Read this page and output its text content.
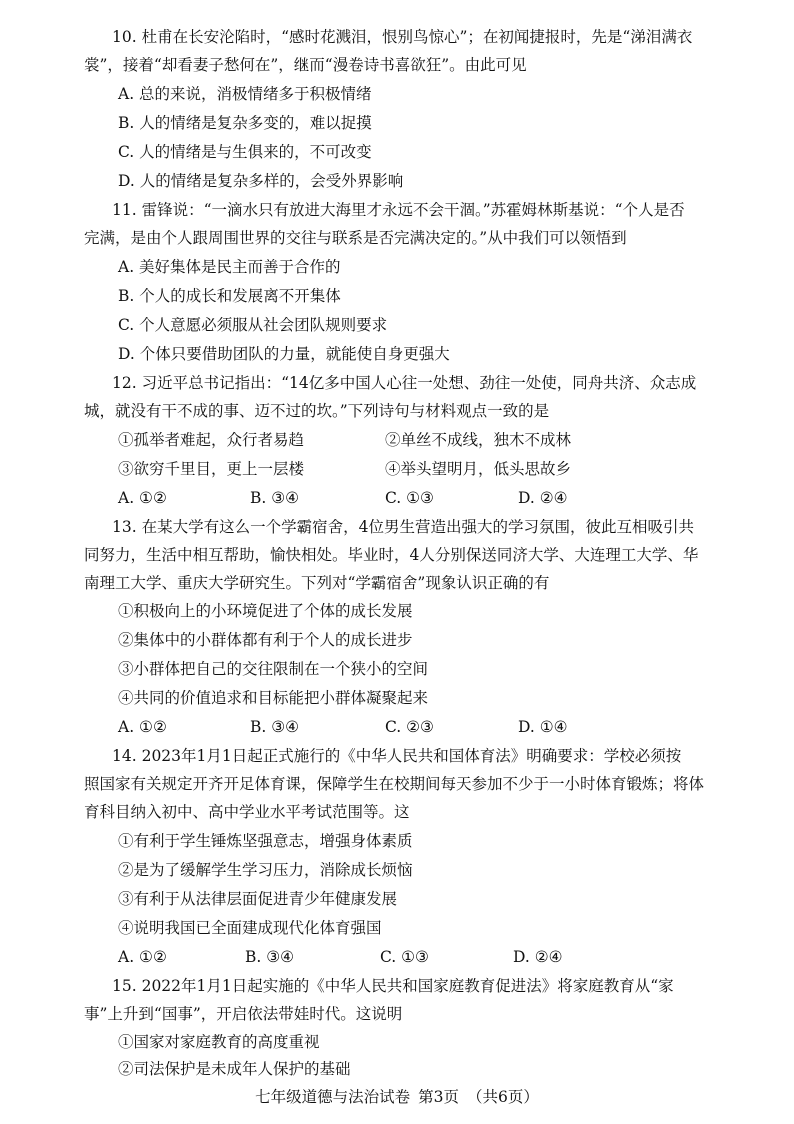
10. 杜甫在长安沦陷时，“感时花溅泪，恨别鸟惊心”；在初闻捷报时，先是“涕泪满衣
裳”，接着“却看妻子愁何在”，继而“漫卷诗书喜欲狂”。由此可见
A. 总的来说，消极情绪多于积极情绪
B. 人的情绪是复杂多变的，难以捉摸
C. 人的情绪是与生俱来的，不可改变
D. 人的情绪是复杂多样的，会受外界影响
11. 雷锋说：“一滴水只有放进大海里才永远不会干涸。”苏霍姆林斯基说：“个人是否
完满，是由个人跟周围世界的交往与联系是否完满决定的。”从中我们可以领悟到
A. 美好集体是民主而善于合作的
B. 个人的成长和发展离不开集体
C. 个人意愿必须服从社会团队规则要求
D. 个体只要借助团队的力量，就能使自身更强大
12. 习近平总书记指出：“14亿多中国人心往一处想、劲往一处使，同舟共济、众志成
城，就没有干不成的事、迈不过的坎。”下列诗句与材料观点一致的是
①孤举者难起，众行者易趋	②单丝不成线，独木不成林
③欲穷千里目，更上一层楼	④举头望明月，低头思故乡
A. ①②	B. ③④	C. ①③	D. ②④
13. 在某大学有这么一个学霸宿舍，4位男生营造出强大的学习氛围，彼此互相吸引共
同努力，生活中相互帮助，愉快相处。毕业时，4人分别保送同济大学、大连理工大学、华
南理工大学、重庆大学研究生。下列对“学霸宿舍”现象认识正确的有
①积极向上的小环境促进了个体的成长发展
②集体中的小群体都有利于个人的成长进步
③小群体把自己的交往限制在一个狭小的空间
④共同的价值追求和目标能把小群体凝聚起来
A. ①②	B. ③④	C. ②③	D. ①④
14. 2023年1月1日起正式施行的《中华人民共和国体育法》明确要求：学校必须按
照国家有关规定开齐开足体育课，保障学生在校期间每天参加不少于一小时体育锻炼；将体
育科目纳入初中、高中学业水平考试范围等。这
①有利于学生锤炼坚强意志，增强身体素质
②是为了缓解学生学习压力，消除成长烦恼
③有利于从法律层面促进青少年健康发展
④说明我国已全面建成现代化体育强国
A. ①②	B. ③④	C. ①③	D. ②④
15. 2022年1月1日起实施的《中华人民共和国家庭教育促进法》将家庭教育从“家
事”上升到“国事”，开启依法带娃时代。这说明
①国家对家庭教育的高度重视
七年级道德与法治试卷 第3页 （共6页）
②司法保护是未成年人保护的基础
